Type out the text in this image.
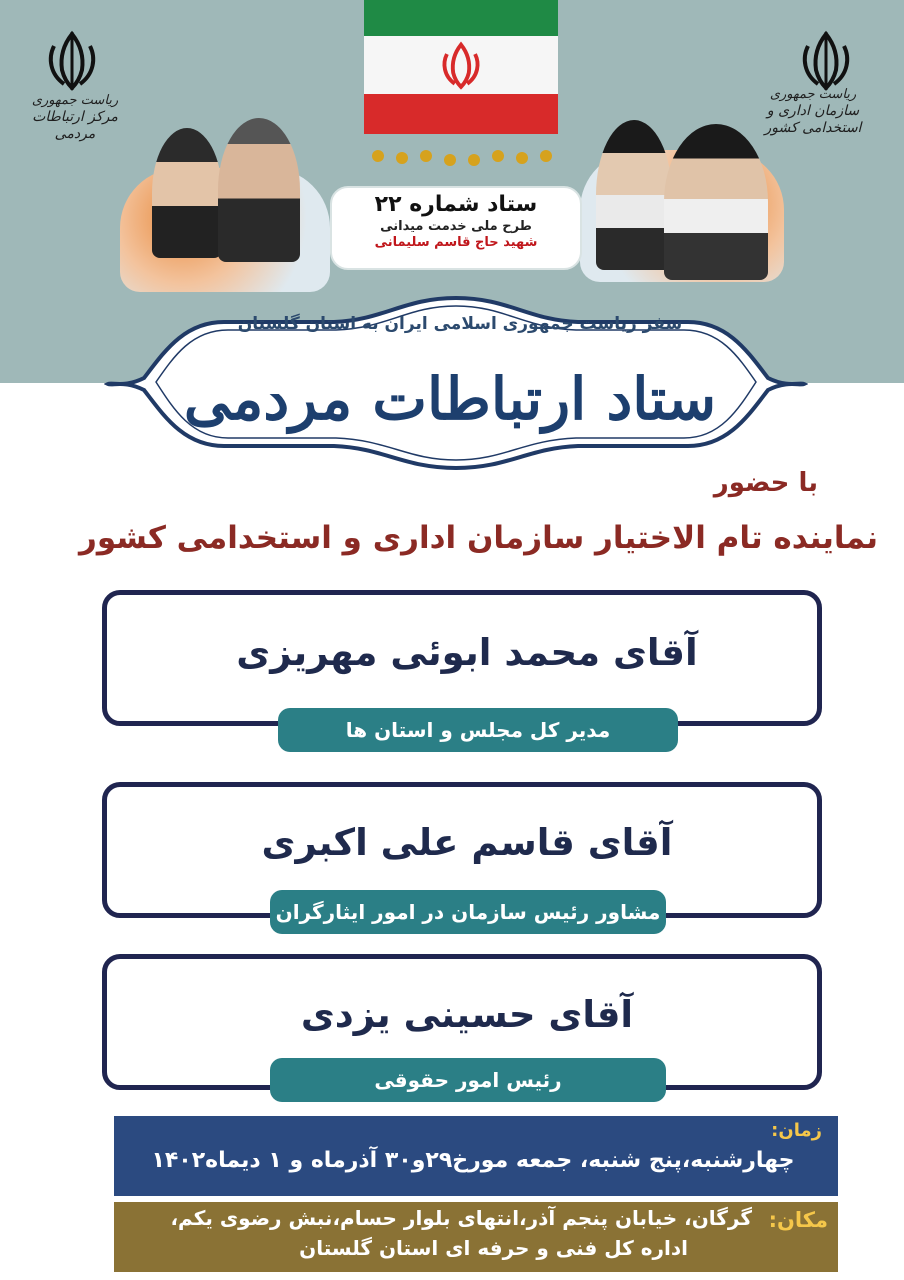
ریاست جمهوری
مرکز ارتباطات مردمی
ریاست جمهوری
سازمان اداری و استخدامی کشور
ستاد شماره ۲۲
طرح ملی خدمت میدانی
شهید حاج قاسم سلیمانی
سفر ریاست جمهوری اسلامی ایران به استان گلستان
ستاد ارتباطات مردمی
با حضور
نماینده تام الاختیار سازمان اداری و استخدامی کشور
آقای محمد ابوئی مهریزی
مدیر کل مجلس و استان ها
آقای قاسم علی اکبری
مشاور رئیس سازمان در امور ایثارگران
آقای حسینی یزدی
رئیس امور حقوقی
زمان:
چهارشنبه،پنج شنبه، جمعه مورخ۲۹و۳۰ آذرماه و ۱ دیماه۱۴۰۲
مکان:
گرگان، خیابان پنجم آذر،انتهای بلوار حسام،نبش رضوی یکم،
اداره کل فنی و حرفه ای استان گلستان
